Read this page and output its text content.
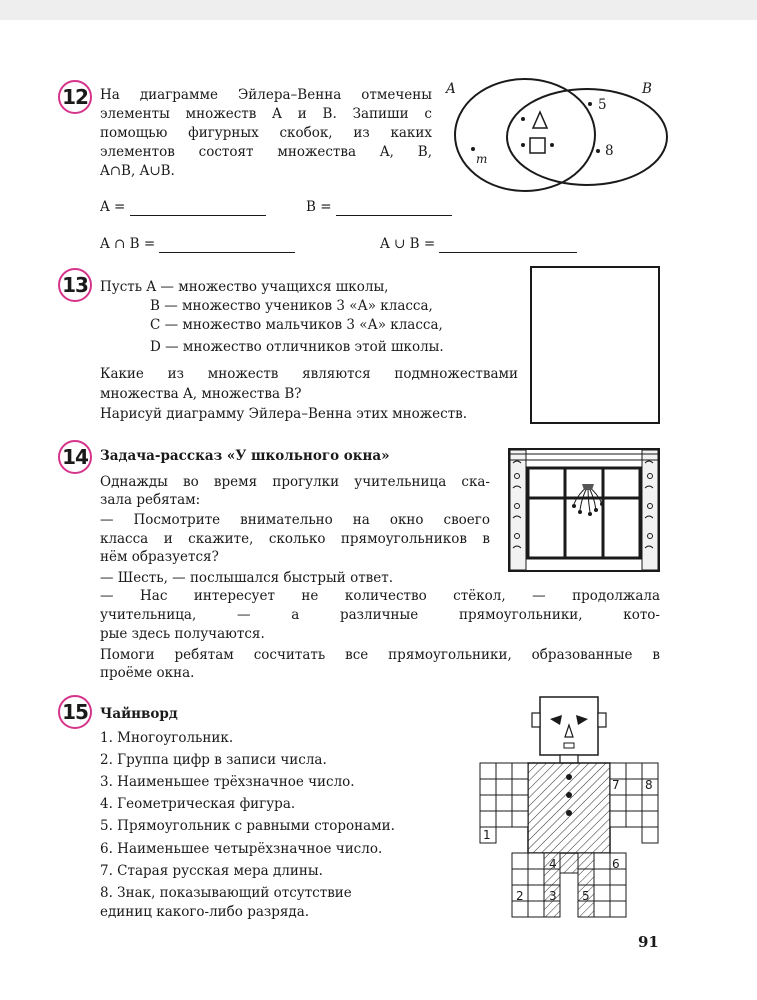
12 На диаграмме Эйлера–Венна отмечены
элементы множеств A и B. Запиши с
помощью фигурных скобок, из каких
элементов состоят множества A, B,
A∩B, A∪B.
A	B
5
8
m
A =	B =
A ∩ B =	A ∪ B =
13 Пусть A — множество учащихся школы,
B — множество учеников 3 «А» класса,
C — множество мальчиков 3 «А» класса,
D — множество отличников этой школы.
Какие из множеств являются подмножествами
множества A, множества B?
Нарисуй диаграмму Эйлера–Венна этих множеств.
14 Задача-рассказ «У школьного окна»
Однажды во время прогулки учительница ска-
зала ребятам:
— Посмотрите внимательно на окно своего
класса и скажите, сколько прямоугольников в
нём образуется?
— Шесть, — послышался быстрый ответ.
— Нас интересует не количество стёкол, — продолжала
учительница, — а различные прямоугольники, кото-
рые здесь получаются.
Помоги ребятам сосчитать все прямоугольники, образованные в
проёме окна.
15 Чайнворд
1. Многоугольник.
2. Группа цифр в записи числа.
3. Наименьшее трёхзначное число.
4. Геометрическая фигура.
5. Прямоугольник с равными сторонами.
6. Наименьшее четырёхзначное число.
7. Старая русская мера длины.
8. Знак, показывающий отсутствие
единиц какого-либо разряда.
1
2 3
4
5
6
7 8
91
